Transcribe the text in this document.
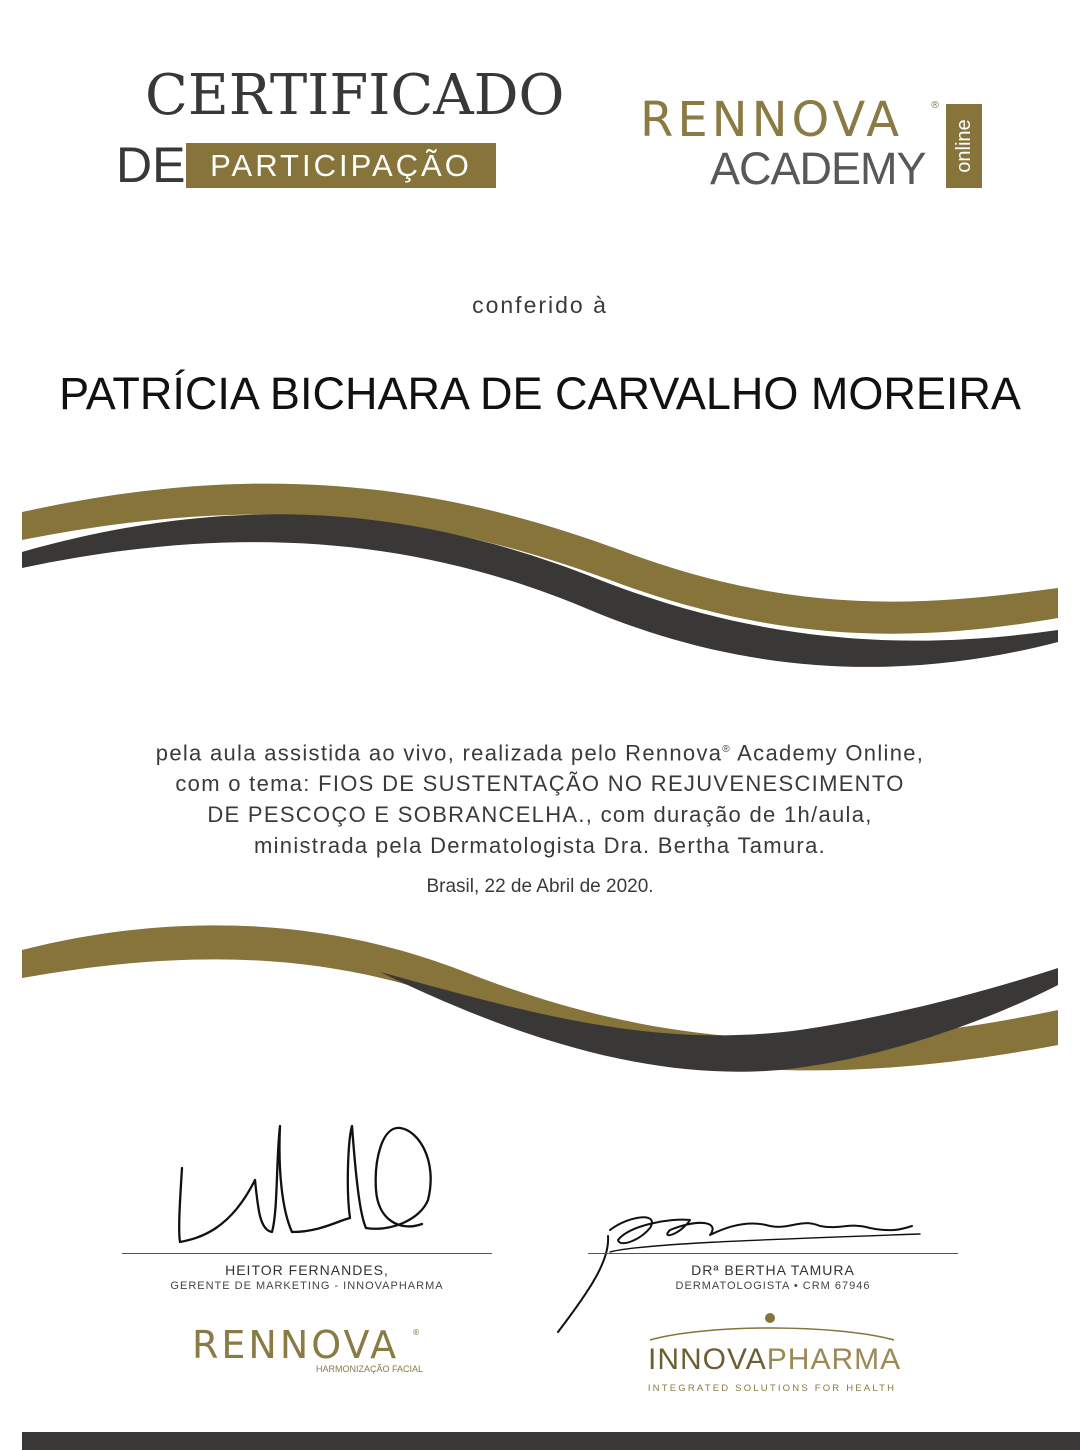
CERTIFICADO
DE PARTICIPAÇÃO
RENNOVA	®
ACADEMY	online
conferido à
PATRÍCIA BICHARA DE CARVALHO MOREIRA
pela aula assistida ao vivo, realizada pelo Rennova® Academy Online,
com o tema: FIOS DE SUSTENTAÇÃO NO REJUVENESCIMENTO
DE PESCOÇO E SOBRANCELHA., com duração de 1h/aula,
ministrada pela Dermatologista Dra. Bertha Tamura.
Brasil, 22 de Abril de 2020.
HEITOR FERNANDES,
GERENTE DE MARKETING - INNOVAPHARMA
DRª BERTHA TAMURA
DERMATOLOGISTA • CRM 67946
RENNOVA ®
HARMONIZAÇÃO FACIAL	INNOVAPHARMA
INTEGRATED SOLUTIONS FOR HEALTH
